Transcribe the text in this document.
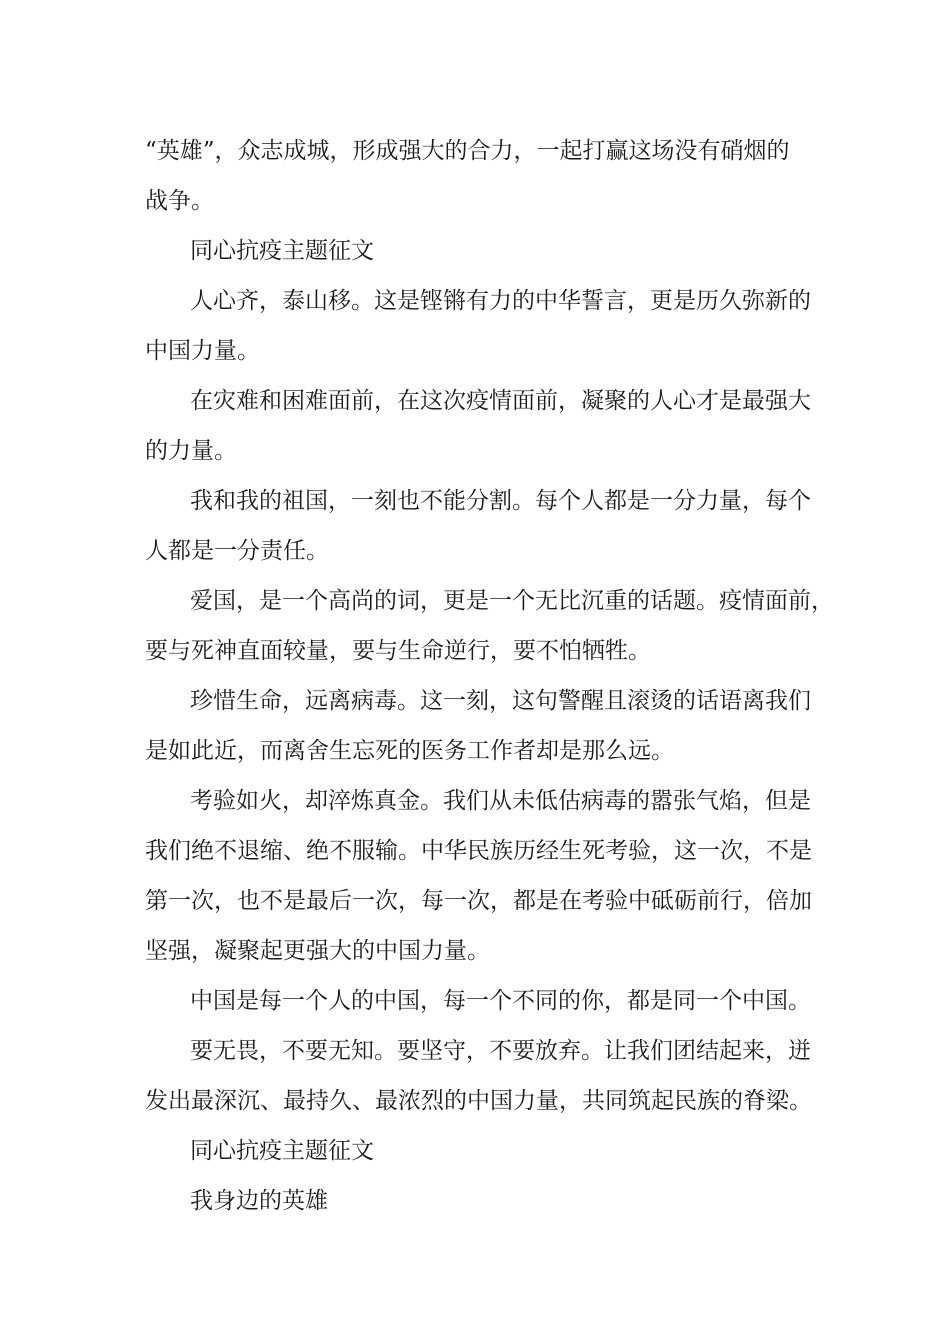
“英雄”，众志成城，形成强大的合力，一起打赢这场没有硝烟的
战争。
同心抗疫主题征文
人心齐，泰山移。这是铿锵有力的中华誓言，更是历久弥新的
中国力量。
在灾难和困难面前，在这次疫情面前，凝聚的人心才是最强大
的力量。
我和我的祖国，一刻也不能分割。每个人都是一分力量，每个
人都是一分责任。
爱国，是一个高尚的词，更是一个无比沉重的话题。疫情面前，
要与死神直面较量，要与生命逆行，要不怕牺牲。
珍惜生命，远离病毒。这一刻，这句警醒且滚烫的话语离我们
是如此近，而离舍生忘死的医务工作者却是那么远。
考验如火，却淬炼真金。我们从未低估病毒的嚣张气焰，但是
我们绝不退缩、绝不服输。中华民族历经生死考验，这一次，不是
第一次，也不是最后一次，每一次，都是在考验中砥砺前行，倍加
坚强，凝聚起更强大的中国力量。
中国是每一个人的中国，每一个不同的你，都是同一个中国。
要无畏，不要无知。要坚守，不要放弃。让我们团结起来，迸
发出最深沉、最持久、最浓烈的中国力量，共同筑起民族的脊梁。
同心抗疫主题征文
我身边的英雄
